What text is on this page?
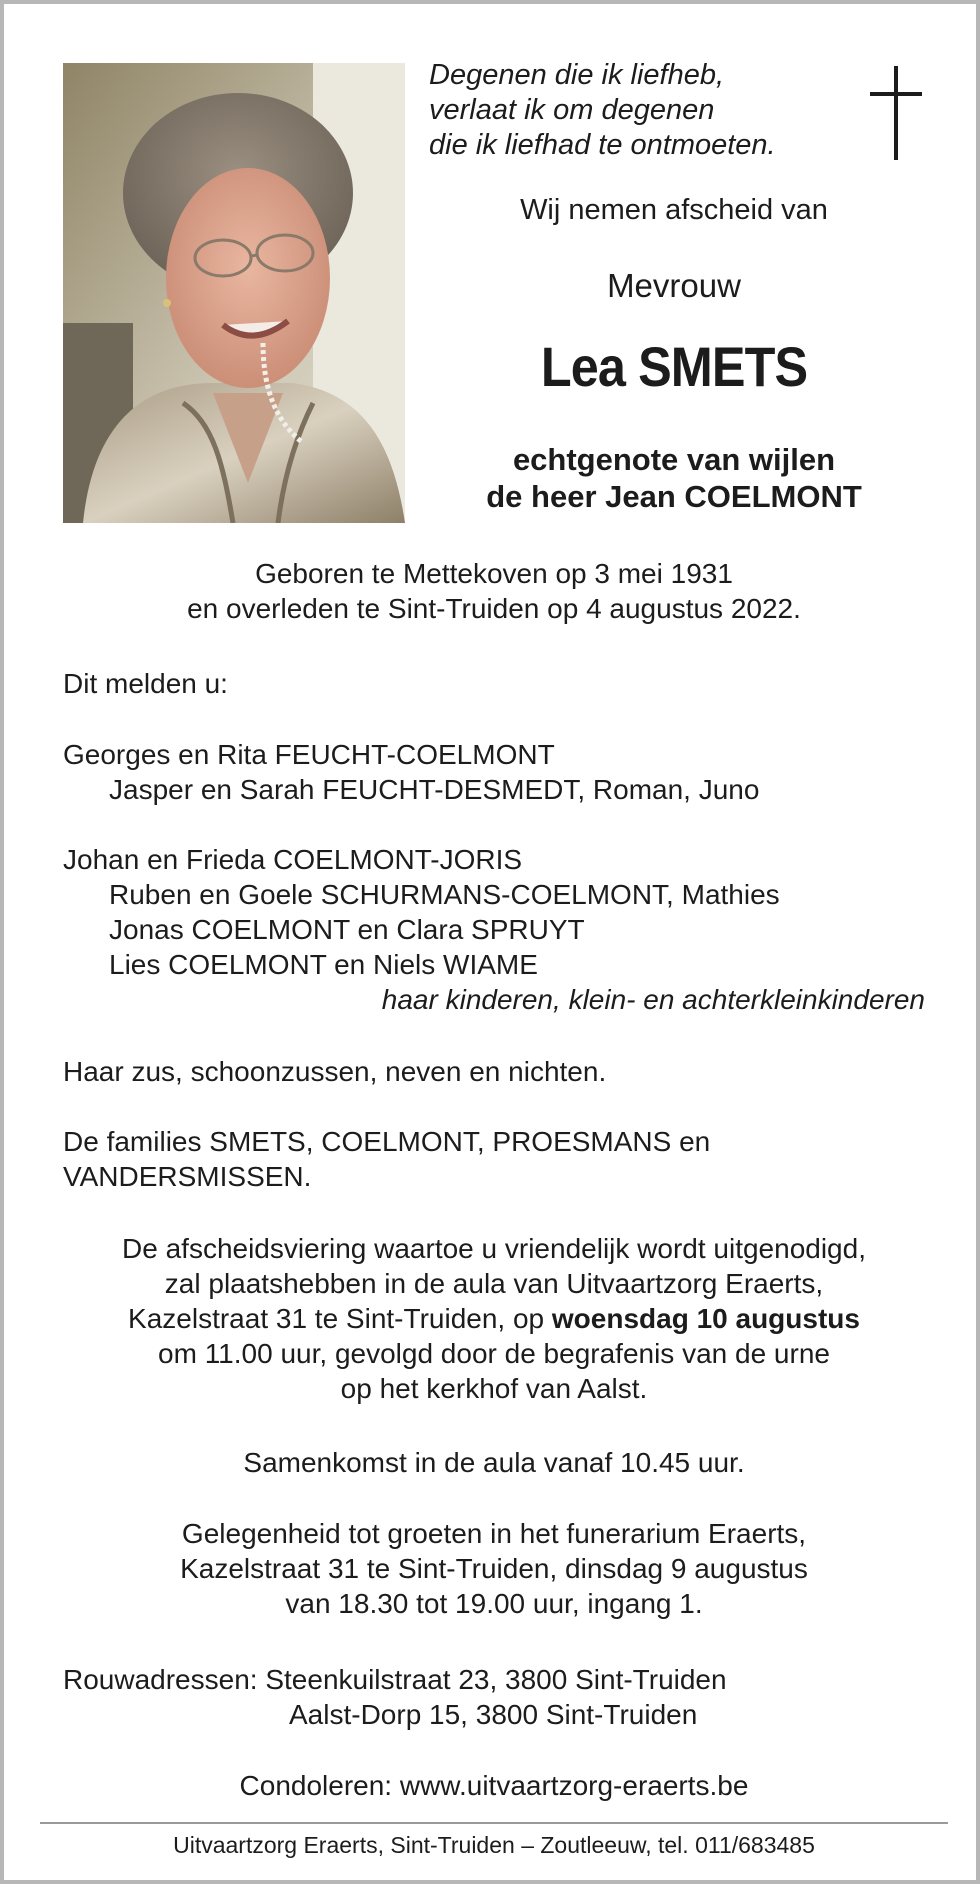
Degenen die ik liefheb,
verlaat ik om degenen
die ik liefhad te ontmoeten.
Wij nemen afscheid van
Mevrouw
Lea SMETS
echtgenote van wijlen
de heer Jean COELMONT
Geboren te Mettekoven op 3 mei 1931
en overleden te Sint-Truiden op 4 augustus 2022.
Dit melden u:
Georges en Rita FEUCHT-COELMONT
Jasper en Sarah FEUCHT-DESMEDT, Roman, Juno
Johan en Frieda COELMONT-JORIS
Ruben en Goele SCHURMANS-COELMONT, Mathies
Jonas COELMONT en Clara SPRUYT
Lies COELMONT en Niels WIAME
haar kinderen, klein- en achterkleinkinderen
Haar zus, schoonzussen, neven en nichten.
De families SMETS, COELMONT, PROESMANS en
VANDERSMISSEN.
De afscheidsviering waartoe u vriendelijk wordt uitgenodigd,
zal plaatshebben in de aula van Uitvaartzorg Eraerts,
Kazelstraat 31 te Sint-Truiden, op woensdag 10 augustus
om 11.00 uur, gevolgd door de begrafenis van de urne
op het kerkhof van Aalst.
Samenkomst in de aula vanaf 10.45 uur.
Gelegenheid tot groeten in het funerarium Eraerts,
Kazelstraat 31 te Sint-Truiden, dinsdag 9 augustus
van 18.30 tot 19.00 uur, ingang 1.
Rouwadressen: Steenkuilstraat 23, 3800 Sint-Truiden
Aalst-Dorp 15, 3800 Sint-Truiden
Condoleren: www.uitvaartzorg-eraerts.be
Uitvaartzorg Eraerts, Sint-Truiden – Zoutleeuw, tel. 011/683485
